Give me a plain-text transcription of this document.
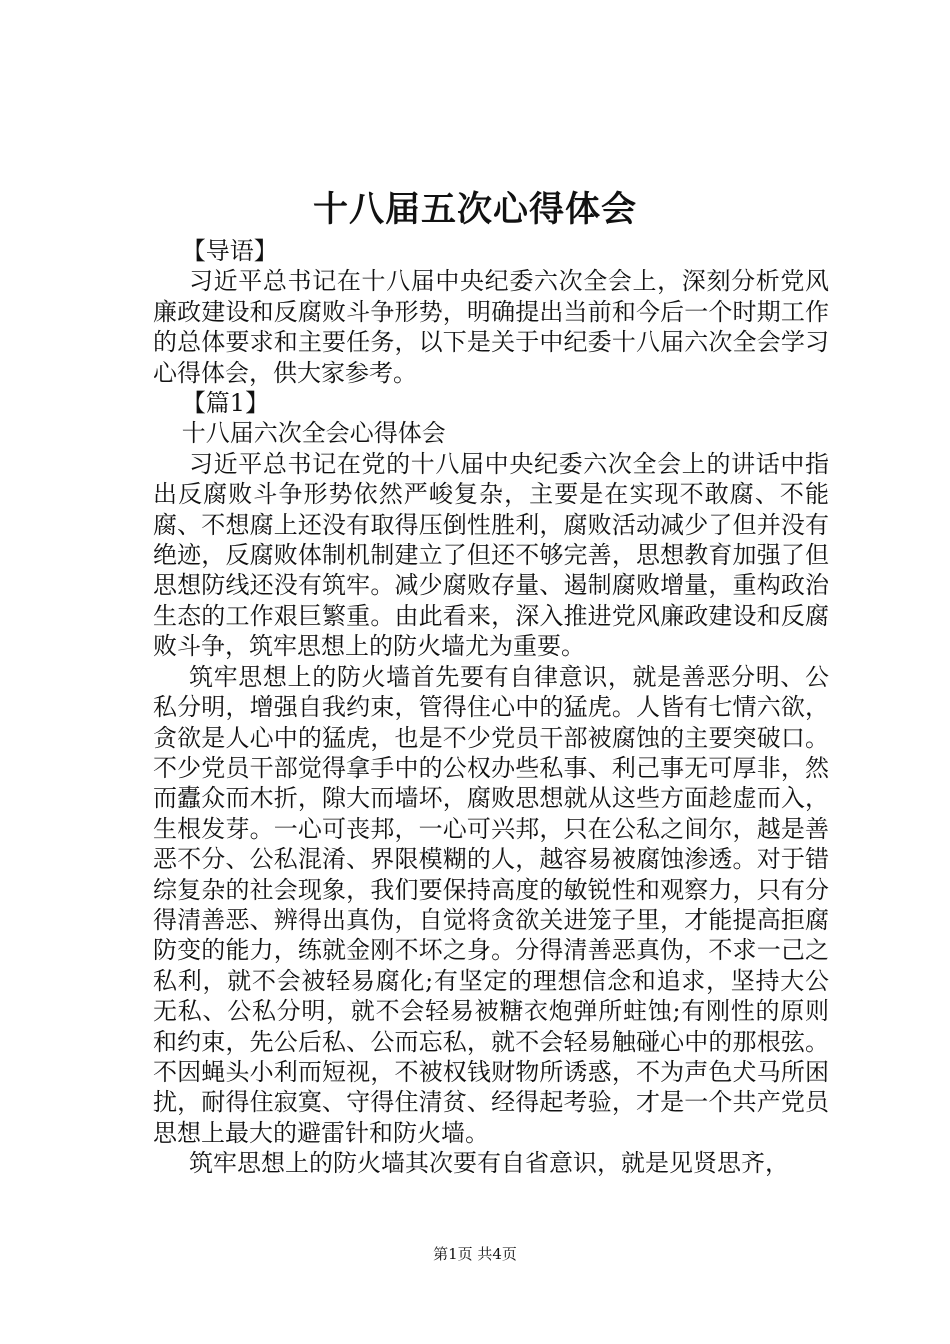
十八届五次心得体会

【导语】

习近平总书记在十八届中央纪委六次全会上，深刻分析党风廉政建设和反腐败斗争形势，明确提出当前和今后一个时期工作的总体要求和主要任务，以下是关于中纪委十八届六次全会学习心得体会，供大家参考。

【篇1】

十八届六次全会心得体会

习近平总书记在党的十八届中央纪委六次全会上的讲话中指出反腐败斗争形势依然严峻复杂，主要是在实现不敢腐、不能腐、不想腐上还没有取得压倒性胜利，腐败活动减少了但并没有绝迹，反腐败体制机制建立了但还不够完善，思想教育加强了但思想防线还没有筑牢。减少腐败存量、遏制腐败增量，重构政治生态的工作艰巨繁重。由此看来，深入推进党风廉政建设和反腐败斗争，筑牢思想上的防火墙尤为重要。

筑牢思想上的防火墙首先要有自律意识，就是善恶分明、公私分明，增强自我约束，管得住心中的猛虎。人皆有七情六欲，贪欲是人心中的猛虎，也是不少党员干部被腐蚀的主要突破口。不少党员干部觉得拿手中的公权办些私事、利己事无可厚非，然而蠹众而木折，隙大而墙坏，腐败思想就从这些方面趁虚而入，生根发芽。一心可丧邦，一心可兴邦，只在公私之间尔，越是善恶不分、公私混淆、界限模糊的人，越容易被腐蚀渗透。对于错综复杂的社会现象，我们要保持高度的敏锐性和观察力，只有分得清善恶、辨得出真伪，自觉将贪欲关进笼子里，才能提高拒腐防变的能力，练就金刚不坏之身。分得清善恶真伪，不求一己之私利，就不会被轻易腐化;有坚定的理想信念和追求，坚持大公无私、公私分明，就不会轻易被糖衣炮弹所蛀蚀;有刚性的原则和约束，先公后私、公而忘私，就不会轻易触碰心中的那根弦。不因蝇头小利而短视，不被权钱财物所诱惑，不为声色犬马所困扰，耐得住寂寞、守得住清贫、经得起考验，才是一个共产党员思想上最大的避雷针和防火墙。

筑牢思想上的防火墙其次要有自省意识，就是见贤思齐，

第1页 共4页
